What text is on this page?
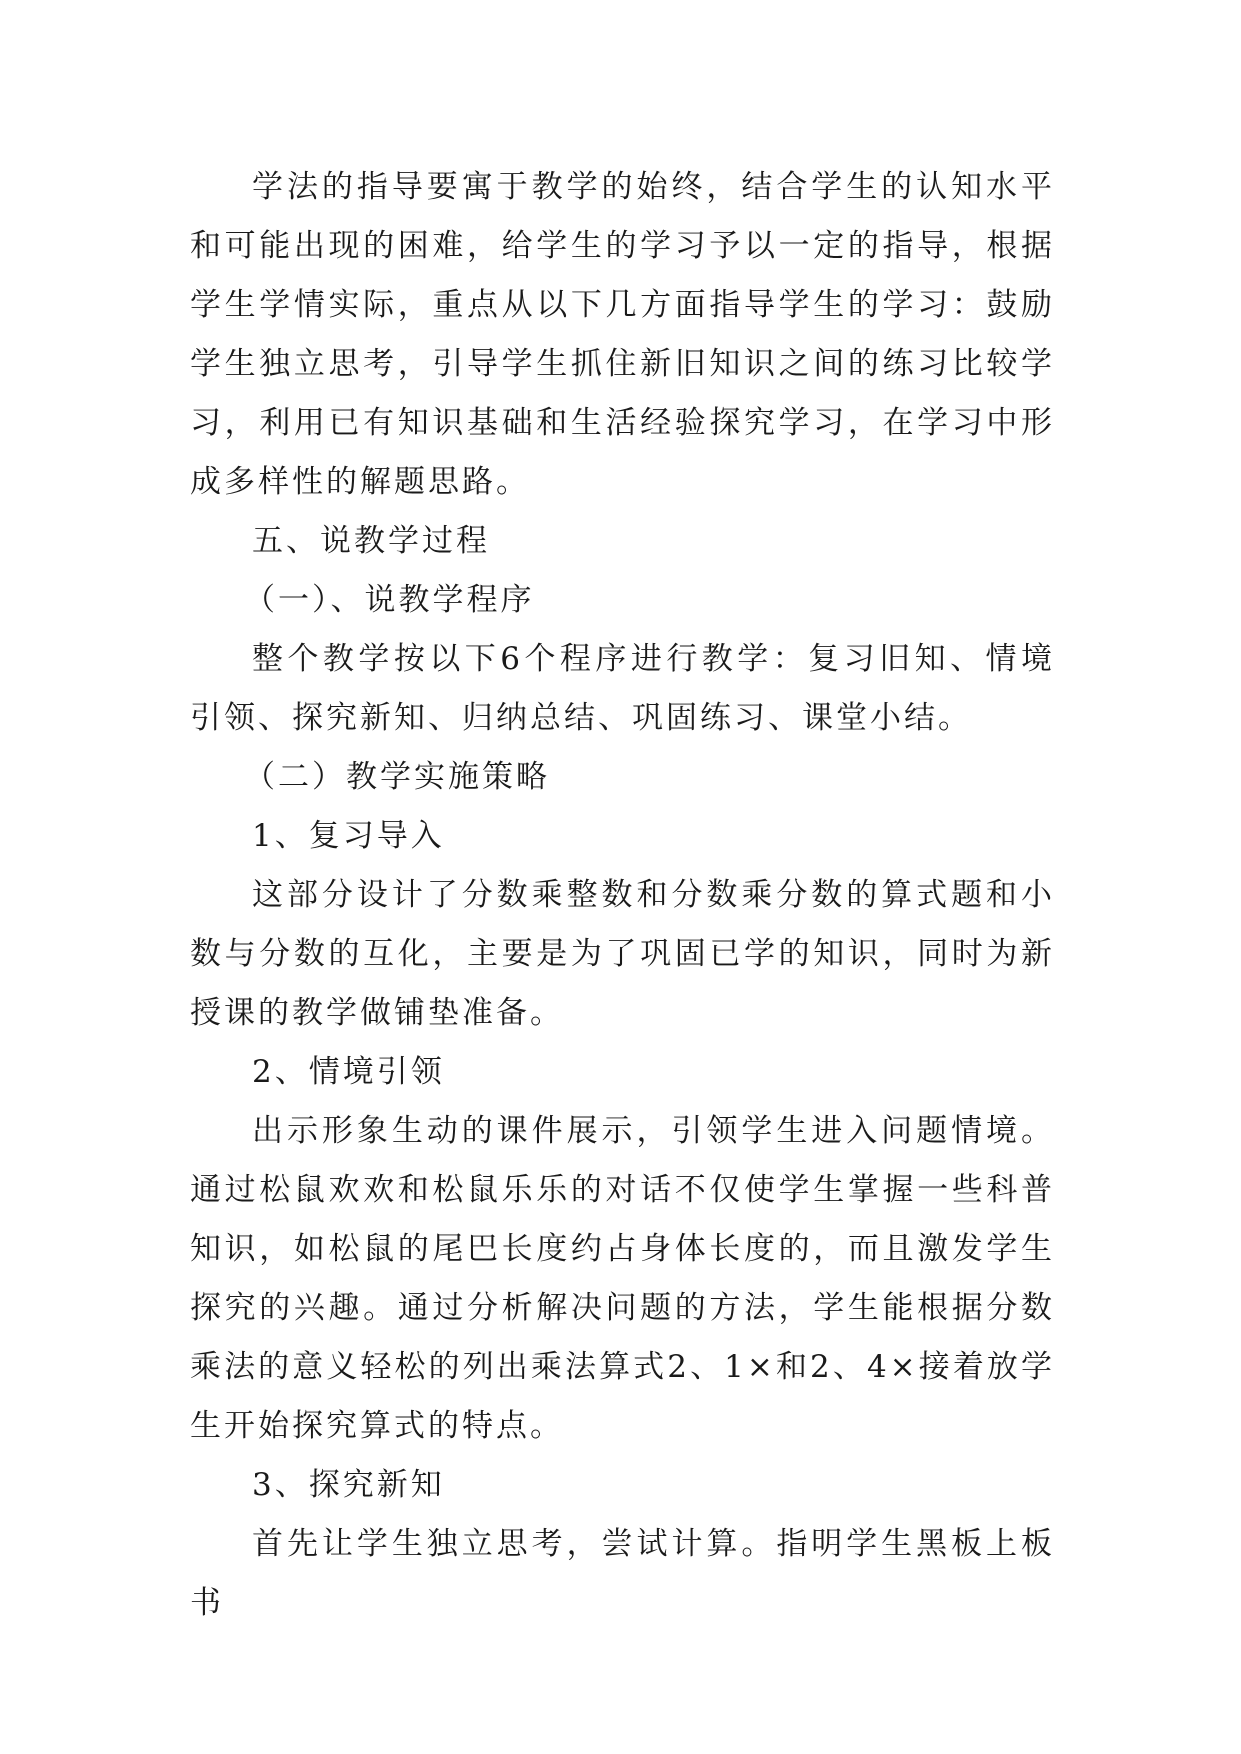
学法的指导要寓于教学的始终，结合学生的认知水平和可能出现的困难，给学生的学习予以一定的指导，根据学生学情实际，重点从以下几方面指导学生的学习：鼓励学生独立思考，引导学生抓住新旧知识之间的练习比较学习，利用已有知识基础和生活经验探究学习，在学习中形成多样性的解题思路。

五、说教学过程

（一）、说教学程序

整个教学按以下6个程序进行教学：复习旧知、情境引领、探究新知、归纳总结、巩固练习、课堂小结。

（二）教学实施策略

1、复习导入

这部分设计了分数乘整数和分数乘分数的算式题和小数与分数的互化，主要是为了巩固已学的知识，同时为新授课的教学做铺垫准备。

2、情境引领

出示形象生动的课件展示，引领学生进入问题情境。通过松鼠欢欢和松鼠乐乐的对话不仅使学生掌握一些科普知识，如松鼠的尾巴长度约占身体长度的，而且激发学生探究的兴趣。通过分析解决问题的方法，学生能根据分数乘法的意义轻松的列出乘法算式2、1×和2、4×接着放学生开始探究算式的特点。

3、探究新知

首先让学生独立思考，尝试计算。指明学生黑板上板书
